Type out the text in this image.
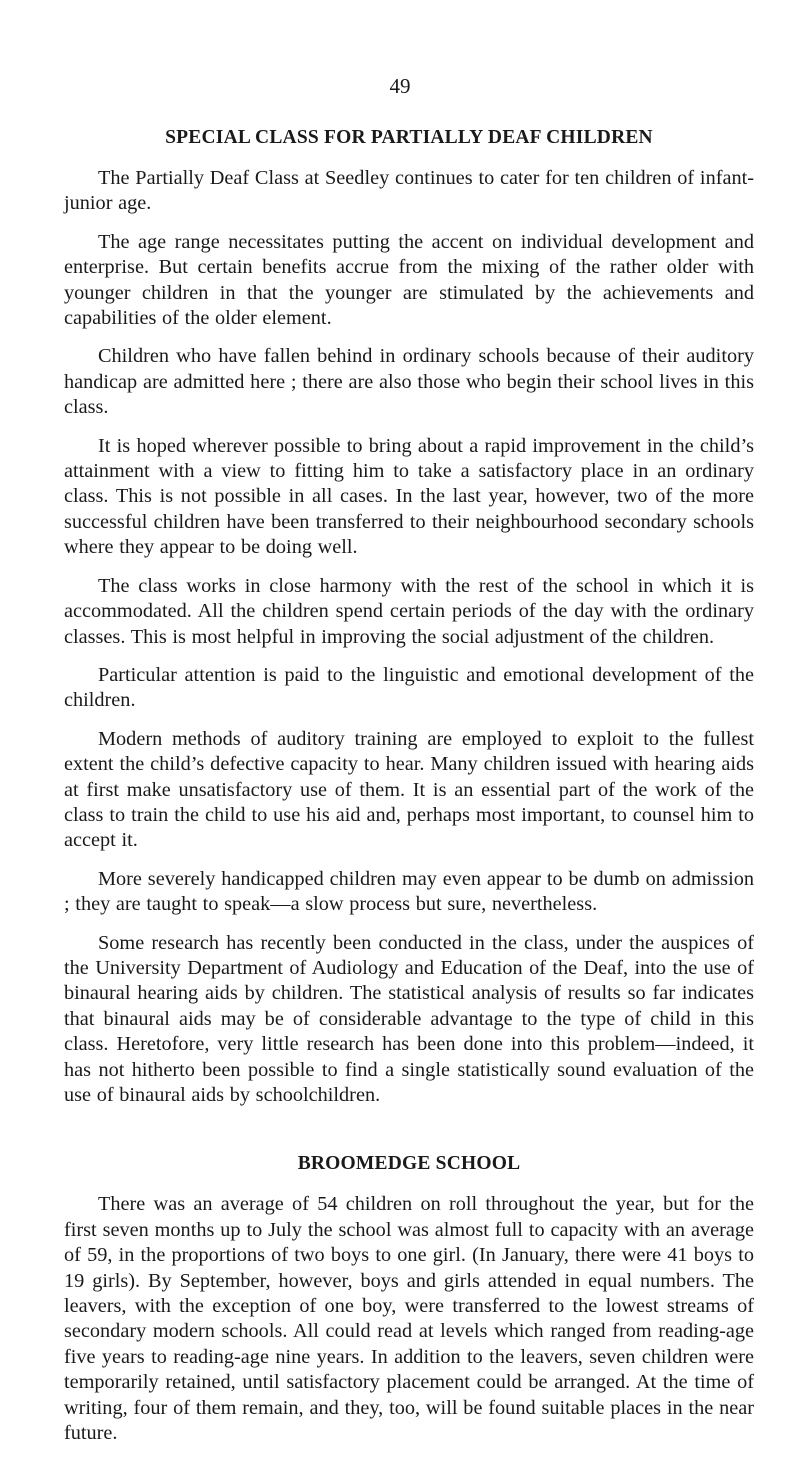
49
SPECIAL CLASS FOR PARTIALLY DEAF CHILDREN

The Partially Deaf Class at Seedley continues to cater for ten children of infant-junior age.

The age range necessitates putting the accent on individual development and enterprise. But certain benefits accrue from the mixing of the rather older with younger children in that the younger are stimulated by the achievements and capabilities of the older element.

Children who have fallen behind in ordinary schools because of their auditory handicap are admitted here ; there are also those who begin their school lives in this class.

It is hoped wherever possible to bring about a rapid improvement in the child’s attainment with a view to fitting him to take a satisfactory place in an ordinary class. This is not possible in all cases. In the last year, however, two of the more successful children have been transferred to their neighbourhood secondary schools where they appear to be doing well.

The class works in close harmony with the rest of the school in which it is accommodated. All the children spend certain periods of the day with the ordinary classes. This is most helpful in improving the social adjustment of the children.

Particular attention is paid to the linguistic and emotional development of the children.

Modern methods of auditory training are employed to exploit to the fullest extent the child’s defective capacity to hear. Many children issued with hearing aids at first make unsatisfactory use of them. It is an essential part of the work of the class to train the child to use his aid and, perhaps most important, to counsel him to accept it.

More severely handicapped children may even appear to be dumb on admission ; they are taught to speak—a slow process but sure, nevertheless.

Some research has recently been conducted in the class, under the auspices of the University Department of Audiology and Education of the Deaf, into the use of binaural hearing aids by children. The statistical analysis of results so far indicates that binaural aids may be of considerable advantage to the type of child in this class. Heretofore, very little research has been done into this problem—indeed, it has not hitherto been possible to find a single statistically sound evaluation of the use of binaural aids by schoolchildren.

BROOMEDGE SCHOOL

There was an average of 54 children on roll throughout the year, but for the first seven months up to July the school was almost full to capacity with an average of 59, in the proportions of two boys to one girl. (In January, there were 41 boys to 19 girls). By September, however, boys and girls attended in equal numbers. The leavers, with the exception of one boy, were transferred to the lowest streams of secondary modern schools. All could read at levels which ranged from reading-age five years to reading-age nine years. In addition to the leavers, seven children were temporarily retained, until satisfactory placement could be arranged. At the time of writing, four of them remain, and they, too, will be found suitable places in the near future.
